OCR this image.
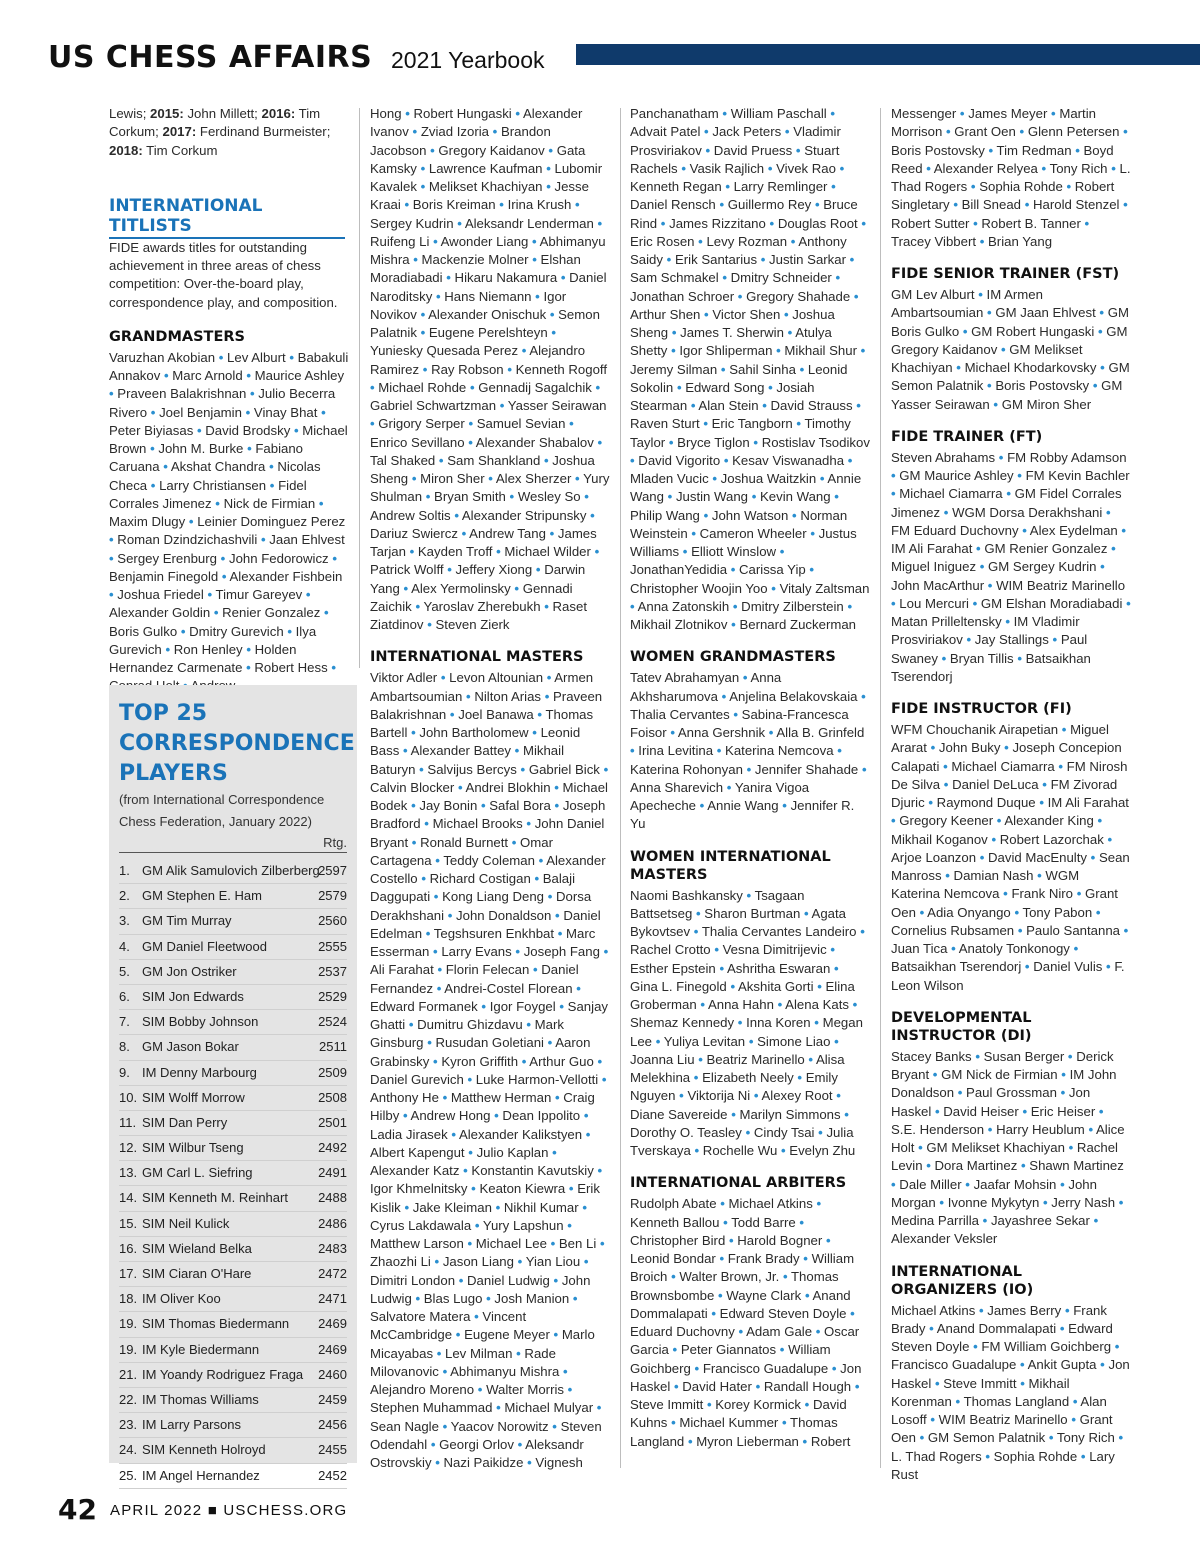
US CHESS AFFAIRS 2021 Yearbook

Lewis; 2015: John Millett; 2016: Tim Corkum; 2017: Ferdinand Burmeister; 2018: Tim Corkum

INTERNATIONAL TITLISTS

FIDE awards titles for outstanding achievement in three areas of chess competition: Over-the-board play, correspondence play, and composition.

GRANDMASTERS

Varuzhan Akobian • Lev Alburt • Babakuli Annakov • Marc Arnold • Maurice Ashley • Praveen Balakrishnan • Julio Becerra Rivero • Joel Benjamin • Vinay Bhat • Peter Biyiasas • David Brodsky • Michael Brown • John M. Burke • Fabiano Caruana • Akshat Chandra • Nicolas Checa • Larry Christiansen • Fidel Corrales Jimenez • Nick de Firmian • Maxim Dlugy • Leinier Dominguez Perez • Roman Dzindzichashvili • Jaan Ehlvest • Sergey Erenburg • John Fedorowicz • Benjamin Finegold • Alexander Fishbein • Joshua Friedel • Timur Gareyev • Alexander Goldin • Renier Gonzalez • Boris Gulko • Dmitry Gurevich • Ilya Gurevich • Ron Henley • Holden Hernandez Carmenate • Robert Hess •

TOP 25 CORRESPONDENCE PLAYERS
(from International Correspondence Chess Federation, January 2022)
Rtg.
1. GM Alik Samulovich Zilberberg
2597
2. GM Stephen E. Ham	2579
3. GM Tim Murray	2560
4. GM Daniel Fleetwood	2555
5. GM Jon Ostriker	2537
6. SIM Jon Edwards	2529
7. SIM Bobby Johnson	2524
8. GM Jason Bokar	2511
9. IM Denny Marbourg	2509
10. SIM Wolff Morrow	2508
11. SIM Dan Perry	2501
12. SIM Wilbur Tseng	2492
13. GM Carl L. Siefring	2491
14. SIM Kenneth M. Reinhart 2488
15. SIM Neil Kulick	2486
16. SIM Wieland Belka	2483
17. SIM Ciaran O'Hare	2472
18. IM Oliver Koo	2471
19. SIM Thomas Biedermann 2469
19. IM Kyle Biedermann	2469
21. IM Yoandy Rodriguez Fraga 2460
22. IM Thomas Williams	2459
23. IM Larry Parsons	2456
24. SIM Kenneth Holroyd	2455
25. IM Angel Hernandez	2452

Hong • Robert Hungaski • Alexander Ivanov • Zviad Izoria • Brandon Jacobson • Gregory Kaidanov • Gata Kamsky • Lawrence Kaufman • Lubomir Kavalek • Melikset Khachiyan • Jesse Kraai • Boris Kreiman • Irina Krush • Sergey Kudrin • Aleksandr Lenderman • Ruifeng Li • Awonder Liang • Abhimanyu Mishra • Mackenzie Molner • Elshan Moradiabadi • Hikaru Nakamura • Daniel Naroditsky • Hans Niemann • Igor Novikov • Alexander Onischuk • Semon Palatnik • Eugene Perelshteyn • Yuniesky Quesada Perez • Alejandro Ramirez • Ray Robson • Kenneth Rogoff • Michael Rohde • Gennadij Sagalchik • Gabriel Schwartzman • Yasser Seirawan • Grigory Serper • Samuel Sevian • Enrico Sevillano • Alexander Shabalov • Tal Shaked • Sam Shankland • Joshua Sheng • Miron Sher • Alex Sherzer • Yury Shulman • Bryan Smith • Wesley So • Andrew Soltis • Alexander Stripunsky • Dariuz Swiercz • Andrew Tang • James Tarjan • Kayden Troff • Michael Wilder • Patrick Wolff • Jeffery Xiong • Darwin Yang • Alex Yermolinsky • Gennadi Zaichik • Yaroslav Zherebukh • Raset Ziatdinov • Steven Zierk

INTERNATIONAL MASTERS

Viktor Adler • Levon Altounian • Armen Ambartsoumian • Nilton Arias • Praveen Balakrishnan • Joel Banawa • Thomas Bartell • John Bartholomew • Leonid Bass • Alexander Battey • Mikhail Baturyn • Salvijus Bercys • Gabriel Bick • Calvin Blocker • Andrei Blokhin • Michael Bodek • Jay Bonin • Safal Bora • Joseph Bradford • Michael Brooks • John Daniel Bryant • Ronald Burnett • Omar Cartagena • Teddy Coleman • Alexander Costello • Richard Costigan • Balaji Daggupati • Kong Liang Deng • Dorsa Derakhshani • John Donaldson • Daniel Edelman • Tegshsuren Enkhbat • Marc Esserman • Larry Evans • Joseph Fang • Ali Farahat • Florin Felecan • Daniel Fernandez • Andrei-Costel Florean • Edward Formanek • Igor Foygel • Sanjay Ghatti • Dumitru Ghizdavu • Mark Ginsburg • Rusudan Goletiani • Aaron Grabinsky • Kyron Griffith • Arthur Guo • Daniel Gurevich • Luke Harmon-Vellotti • Anthony He • Matthew Herman • Craig Hilby • Andrew Hong • Dean Ippolito • Ladia Jirasek • Alexander Kalikstyen • Albert Kapengut • Julio Kaplan • Alexander Katz • Konstantin Kavutskiy • Igor Khmelnitsky • Keaton Kiewra • Erik Kislik • Jake Kleiman • Nikhil Kumar • Cyrus Lakdawala • Yury Lapshun • Matthew Larson • Michael Lee • Ben Li • Zhaozhi Li • Jason Liang • Yian Liou • Dimitri London • Daniel Ludwig • John Ludwig • Blas Lugo • Josh Manion • Salvatore Matera • Vincent McCambridge • Eugene Meyer • Marlo Micayabas • Lev Milman • Rade Milovanovic • Abhimanyu Mishra • Alejandro Moreno • Walter Morris • Stephen Muhammad • Michael Mulyar • Sean Nagle • Yaacov Norowitz • Steven Odendahl • Georgi Orlov • Aleksandr Ostrovskiy • Nazi Paikidze • Vignesh

Panchanatham • William Paschall • Advait Patel • Jack Peters • Vladimir Prosviriakov • David Pruess • Stuart Rachels • Vasik Rajlich • Vivek Rao • Kenneth Regan • Larry Remlinger • Daniel Rensch • Guillermo Rey • Bruce Rind • James Rizzitano • Douglas Root • Eric Rosen • Levy Rozman • Anthony Saidy • Erik Santarius • Justin Sarkar • Sam Schmakel • Dmitry Schneider • Jonathan Schroer • Gregory Shahade • Arthur Shen • Victor Shen • Joshua Sheng • James T. Sherwin • Atulya Shetty • Igor Shliperman • Mikhail Shur • Jeremy Silman • Sahil Sinha • Leonid Sokolin • Edward Song • Josiah Stearman • Alan Stein • David Strauss • Raven Sturt • Eric Tangborn • Timothy Taylor • Bryce Tiglon • Rostislav Tsodikov • David Vigorito • Kesav Viswanadha • Mladen Vucic • Joshua Waitzkin • Annie Wang • Justin Wang • Kevin Wang • Philip Wang • John Watson • Norman Weinstein • Cameron Wheeler • Justus Williams • Elliott Winslow • JonathanYedidia • Carissa Yip • Christopher Woojin Yoo • Vitaly Zaltsman • Anna Zatonskih • Dmitry Zilberstein • Mikhail Zlotnikov • Bernard Zuckerman

WOMEN GRANDMASTERS

Tatev Abrahamyan • Anna Akhsharumova • Anjelina Belakovskaia • Thalia Cervantes • Sabina-Francesca Foisor • Anna Gershnik • Alla B. Grinfeld • Irina Levitina • Katerina Nemcova • Katerina Rohonyan • Jennifer Shahade • Anna Sharevich • Yanira Vigoa Apecheche • Annie Wang • Jennifer R. Yu

WOMEN INTERNATIONAL MASTERS

Naomi Bashkansky • Tsagaan Battsetseg • Sharon Burtman • Agata Bykovtsev • Thalia Cervantes Landeiro • Rachel Crotto • Vesna Dimitrijevic • Esther Epstein • Ashritha Eswaran • Gina L. Finegold • Akshita Gorti • Elina Groberman • Anna Hahn • Alena Kats • Shemaz Kennedy • Inna Koren • Megan Lee • Yuliya Levitan • Simone Liao • Joanna Liu • Beatriz Marinello • Alisa Melekhina • Elizabeth Neely • Emily Nguyen • Viktorija Ni • Alexey Root • Diane Savereide • Marilyn Simmons • Dorothy O. Teasley • Cindy Tsai • Julia Tverskaya • Rochelle Wu • Evelyn Zhu

INTERNATIONAL ARBITERS

Rudolph Abate • Michael Atkins • Kenneth Ballou • Todd Barre • Christopher Bird • Harold Bogner • Leonid Bondar • Frank Brady • William Broich • Walter Brown, Jr. • Thomas Brownsbombe • Wayne Clark • Anand Dommalapati • Edward Steven Doyle • Eduard Duchovny • Adam Gale • Oscar Garcia • Peter Giannatos • William Goichberg • Francisco Guadalupe • Jon Haskel • David Hater • Randall Hough • Steve Immitt • Korey Kormick • David Kuhns • Michael Kummer • Thomas Langland • Myron Lieberman • Robert

Messenger • James Meyer • Martin Morrison • Grant Oen • Glenn Petersen • Boris Postovsky • Tim Redman • Boyd Reed • Alexander Relyea • Tony Rich • L. Thad Rogers • Sophia Rohde • Robert Singletary • Bill Snead • Harold Stenzel • Robert Sutter • Robert B. Tanner • Tracey Vibbert • Brian Yang

FIDE SENIOR TRAINER (FST)

GM Lev Alburt • IM Armen Ambartsoumian • GM Jaan Ehlvest • GM Boris Gulko • GM Robert Hungaski • GM Gregory Kaidanov • GM Melikset Khachiyan • Michael Khodarkovsky • GM Semon Palatnik • Boris Postovsky • GM Yasser Seirawan • GM Miron Sher

FIDE TRAINER (FT)

Steven Abrahams • FM Robby Adamson • GM Maurice Ashley • FM Kevin Bachler • Michael Ciamarra • GM Fidel Corrales Jimenez • WGM Dorsa Derakhshani • FM Eduard Duchovny • Alex Eydelman • IM Ali Farahat • GM Renier Gonzalez • Miguel Iniguez • GM Sergey Kudrin • John MacArthur • WIM Beatriz Marinello • Lou Mercuri • GM Elshan Moradiabadi • Matan Prilleltensky • IM Vladimir Prosviriakov • Jay Stallings • Paul Swaney • Bryan Tillis • Batsaikhan Tserendorj

FIDE INSTRUCTOR (FI)

WFM Chouchanik Airapetian • Miguel Ararat • John Buky • Joseph Concepion Calapati • Michael Ciamarra • FM Nirosh De Silva • Daniel DeLuca • FM Zivorad Djuric • Raymond Duque • IM Ali Farahat • Gregory Keener • Alexander King • Mikhail Koganov • Robert Lazorchak • Arjoe Loanzon • David MacEnulty • Sean Manross • Damian Nash • WGM Katerina Nemcova • Frank Niro • Grant Oen • Adia Onyango • Tony Pabon • Cornelius Rubsamen • Paulo Santanna • Juan Tica • Anatoly Tonkonogy • Batsaikhan Tserendorj • Daniel Vulis • F. Leon Wilson

DEVELOPMENTAL INSTRUCTOR (DI)

Stacey Banks • Susan Berger • Derick Bryant • GM Nick de Firmian • IM John Donaldson • Paul Grossman • Jon Haskel • David Heiser • Eric Heiser • S.E. Henderson • Harry Heublum • Alice Holt • GM Melikset Khachiyan • Rachel Levin • Dora Martinez • Shawn Martinez • Dale Miller • Jaafar Mohsin • John Morgan • Ivonne Mykytyn • Jerry Nash • Medina Parrilla • Jayashree Sekar • Alexander Veksler

INTERNATIONAL ORGANIZERS (IO)

Michael Atkins • James Berry • Frank Brady • Anand Dommalapati • Edward Steven Doyle • FM William Goichberg • Francisco Guadalupe • Ankit Gupta • Jon Haskel • Steve Immitt • Mikhail Korenman • Thomas Langland • Alan Losoff • WIM Beatriz Marinello • Grant Oen • GM Semon Palatnik • Tony Rich • L. Thad Rogers • Sophia Rohde • Lary Rust

42 APRIL 2022 ■ USCHESS.ORG
